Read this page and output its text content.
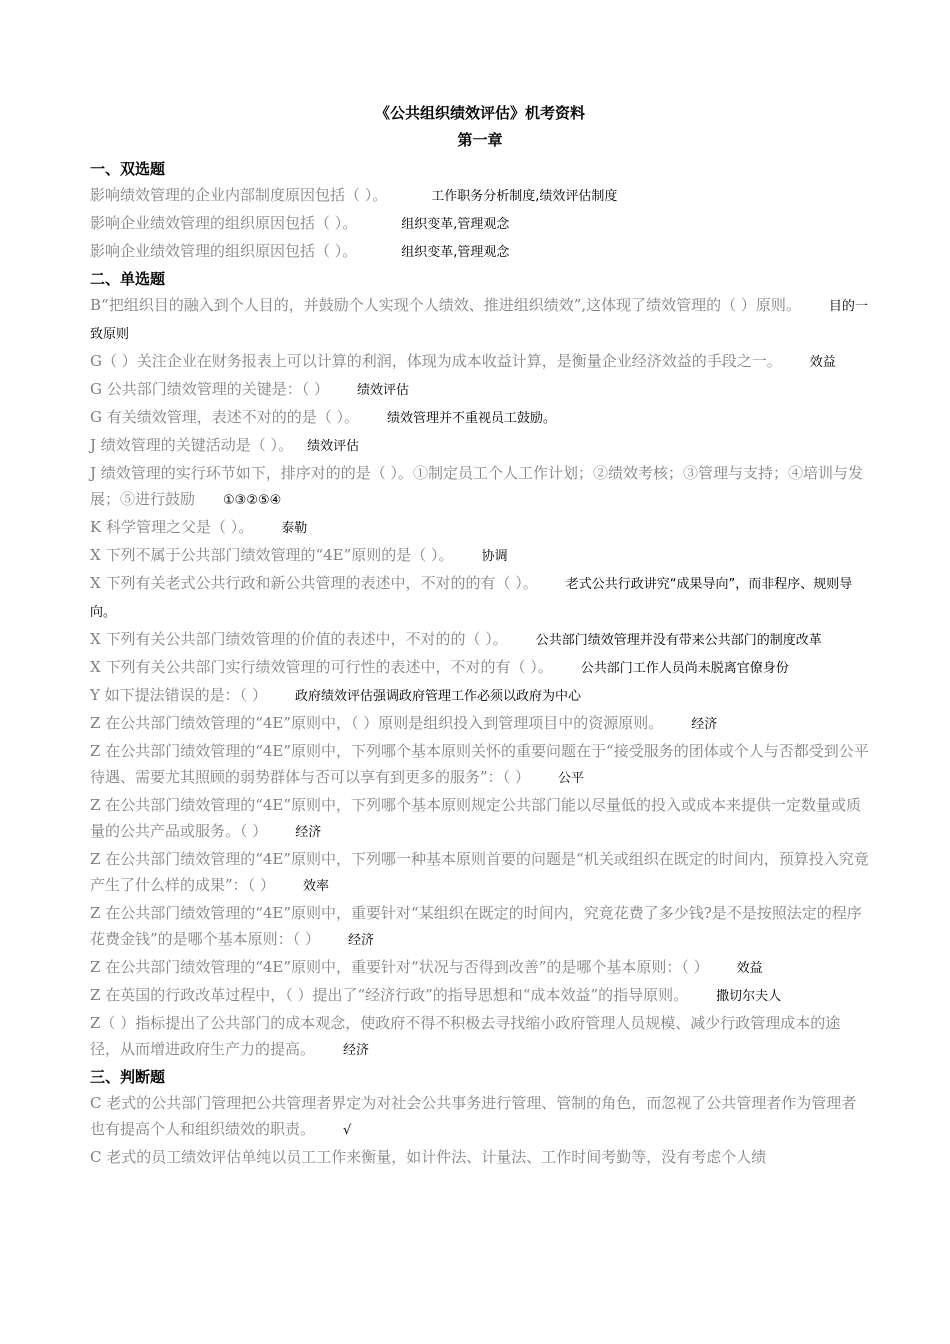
《公共组织绩效评估》机考资料

第一章

一、双选题

影响绩效管理的企业内部制度原因包括（ ）。	工作职务分析制度,绩效评估制度

影响企业绩效管理的组织原因包括（ ）。	组织变革,管理观念

影响企业绩效管理的组织原因包括（ ）。	组织变革,管理观念

二、单选题

B“把组织目的融入到个人目的，并鼓励个人实现个人绩效、推进组织绩效”,这体现了绩效管理的（ ）原则。 目的一致原则

G（ ）关注企业在财务报表上可以计算的利润，体现为成本收益计算，是衡量企业经济效益的手段之一。 效益

G 公共部门绩效管理的关键是：（ ） 绩效评估

G 有关绩效管理，表述不对的的是（ ）。 绩效管理并不重视员工鼓励。

J 绩效管理的关键活动是（ ）。 绩效评估

J 绩效管理的实行环节如下，排序对的的是（ ）。①制定员工个人工作计划；②绩效考核；③管理与支持；④培训与发展；⑤进行鼓励 ①③②⑤④

K 科学管理之父是（ ）。 泰勒

X 下列不属于公共部门绩效管理的“4E”原则的是（ ）。 协调

X 下列有关老式公共行政和新公共管理的表述中，不对的的有（ ）。 老式公共行政讲究“成果导向”，而非程序、规则导向。

X 下列有关公共部门绩效管理的价值的表述中，不对的的（ ）。 公共部门绩效管理并没有带来公共部门的制度改革

X 下列有关公共部门实行绩效管理的可行性的表述中，不对的有（ ）。 公共部门工作人员尚未脱离官僚身份

Y 如下提法错误的是：（ ） 政府绩效评估强调政府管理工作必须以政府为中心

Z 在公共部门绩效管理的“4E”原则中，（ ）原则是组织投入到管理项目中的资源原则。 经济

Z 在公共部门绩效管理的“4E”原则中，下列哪个基本原则关怀的重要问题在于“接受服务的团体或个人与否都受到公平待遇、需要尤其照顾的弱势群体与否可以享有到更多的服务”：（ ） 公平

Z 在公共部门绩效管理的“4E”原则中，下列哪个基本原则规定公共部门能以尽量低的投入或成本来提供一定数量或质量的公共产品或服务。（ ） 经济

Z 在公共部门绩效管理的“4E”原则中，下列哪一种基本原则首要的问题是“机关或组织在既定的时间内，预算投入究竟产生了什么样的成果”：（ ） 效率

Z 在公共部门绩效管理的“4E”原则中，重要针对“某组织在既定的时间内，究竟花费了多少钱?是不是按照法定的程序花费金钱”的是哪个基本原则：（ ） 经济

Z 在公共部门绩效管理的“4E”原则中，重要针对“状况与否得到改善”的是哪个基本原则：（ ） 效益

Z 在英国的行政改革过程中，（ ）提出了“经济行政”的指导思想和“成本效益”的指导原则。 撒切尔夫人

Z（ ）指标提出了公共部门的成本观念，使政府不得不积极去寻找缩小政府管理人员规模、减少行政管理成本的途径，从而增进政府生产力的提高。 经济

三、判断题

C 老式的公共部门管理把公共管理者界定为对社会公共事务进行管理、管制的角色，而忽视了公共管理者作为管理者也有提高个人和组织绩效的职责。 √

C 老式的员工绩效评估单纯以员工工作来衡量，如计件法、计量法、工作时间考勤等，没有考虑个人绩
